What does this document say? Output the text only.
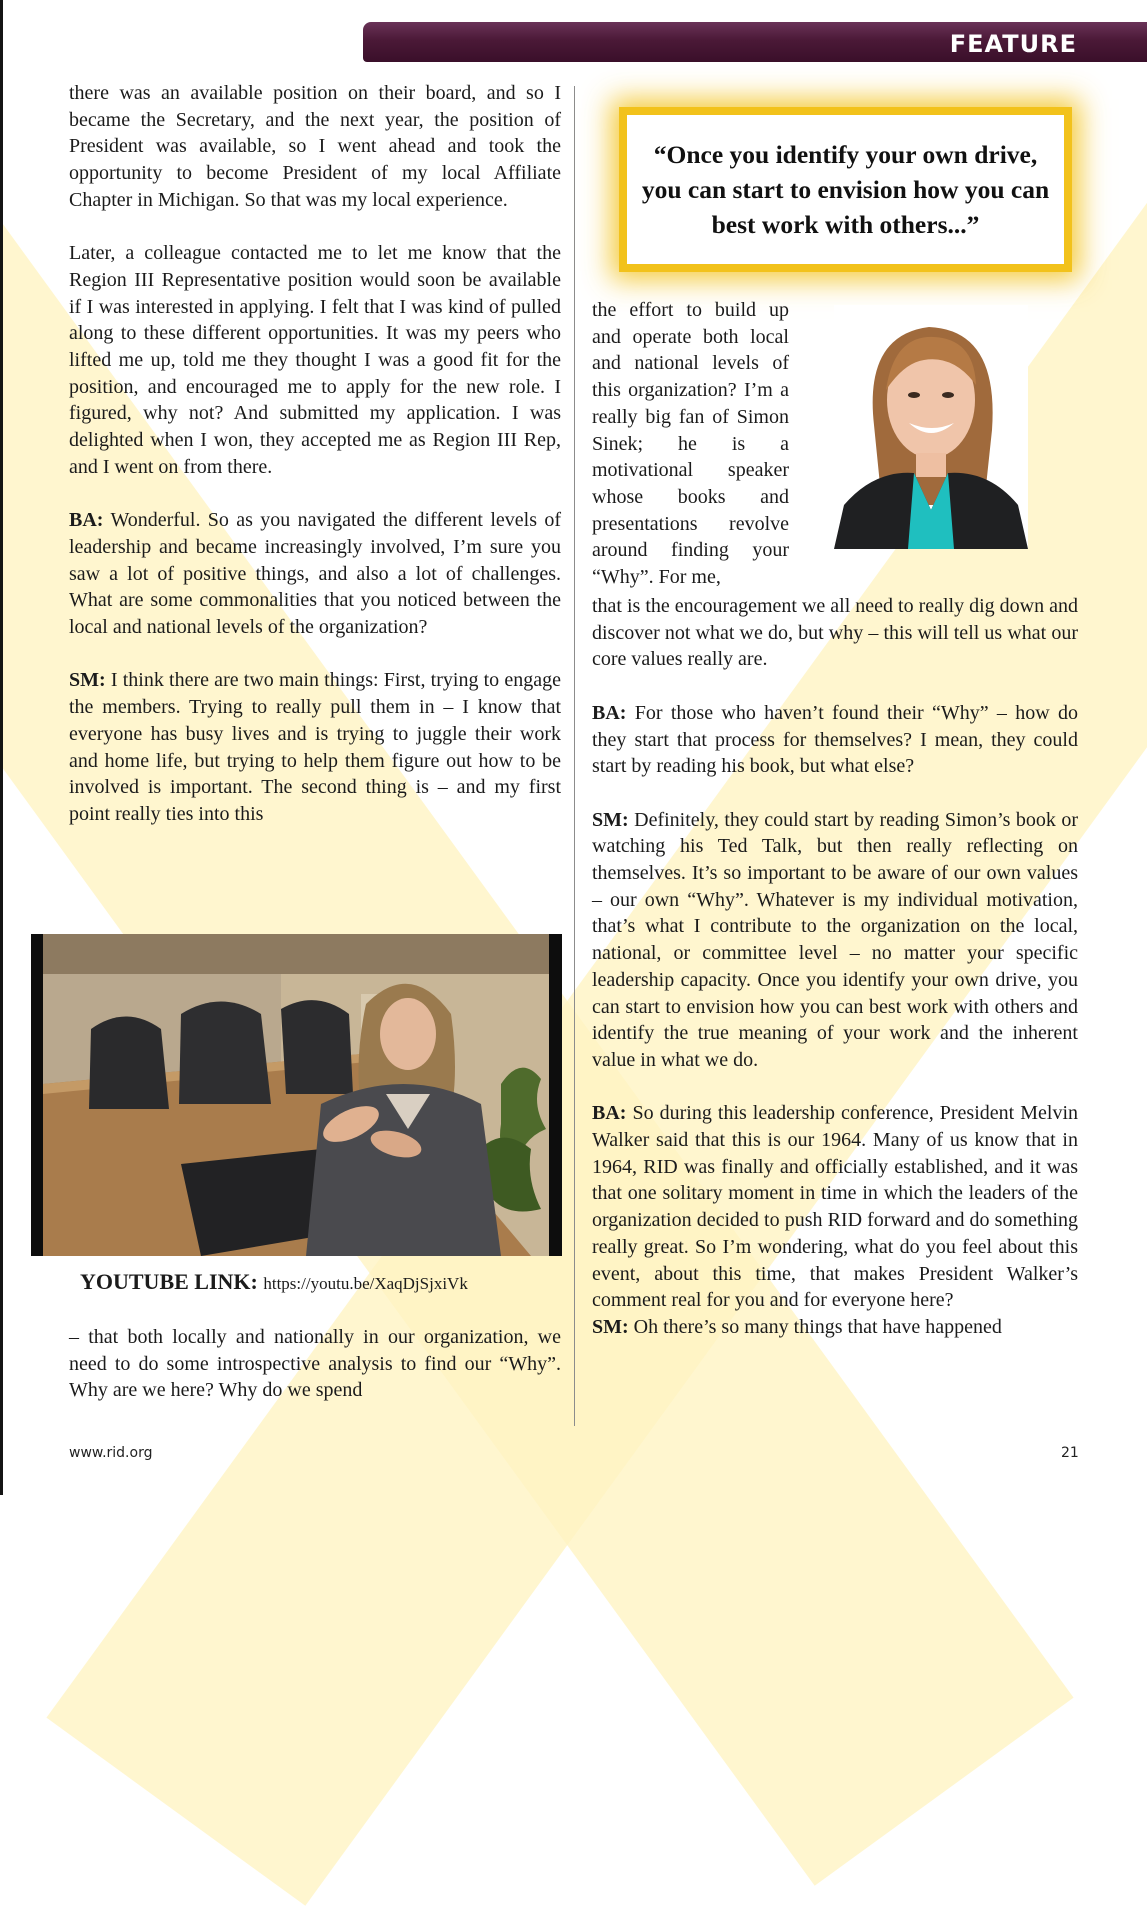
FEATURE

there was an available position on their board, and so I became the Secretary, and the next year, the position of President was available, so I went ahead and took the opportunity to become President of my local Affiliate Chapter in Michigan. So that was my local experience.

Later, a colleague contacted me to let me know that the Region III Representative position would soon be available if I was interested in applying. I felt that I was kind of pulled along to these different opportunities. It was my peers who lifted me up, told me they thought I was a good fit for the position, and encouraged me to apply for the new role. I figured, why not? And submitted my application. I was delighted when I won, they accepted me as Region III Rep, and I went on from there.

BA: Wonderful. So as you navigated the different levels of leadership and became increasingly involved, I’m sure you saw a lot of positive things, and also a lot of challenges. What are some commonalities that you noticed between the local and national levels of the organization?

SM: I think there are two main things: First, trying to engage the members. Trying to really pull them in – I know that everyone has busy lives and is trying to juggle their work and home life, but trying to help them figure out how to be involved is important. The second thing is – and my first point really ties into this

YOUTUBE LINK: https://youtu.be/XaqDjSjxiVk

– that both locally and nationally in our organization, we need to do some introspective analysis to find our “Why”. Why are we here? Why do we spend

“Once you identify your own drive, you can start to envision how you can best work with others...”

the effort to build up and operate both local and national levels of this organization? I’m a really big fan of Simon Sinek; he is a motivational speaker whose books and presentations revolve around finding your “Why”. For me,

that is the encouragement we all need to really dig down and discover not what we do, but why – this will tell us what our core values really are.

BA: For those who haven’t found their “Why” – how do they start that process for themselves? I mean, they could start by reading his book, but what else?

SM: Definitely, they could start by reading Simon’s book or watching his Ted Talk, but then really reflecting on themselves. It’s so important to be aware of our own values – our own “Why”. Whatever is my individual motivation, that’s what I contribute to the organization on the local, national, or committee level – no matter your specific leadership capacity. Once you identify your own drive, you can start to envision how you can best work with others and identify the true meaning of your work and the inherent value in what we do.

BA: So during this leadership conference, President Melvin Walker said that this is our 1964. Many of us know that in 1964, RID was finally and officially established, and it was that one solitary moment in time in which the leaders of the organization decided to push RID forward and do something really great. So I’m wondering, what do you feel about this event, about this time, that makes President Walker’s comment real for you and for everyone here?

SM: Oh there’s so many things that have happened

www.rid.org	21
